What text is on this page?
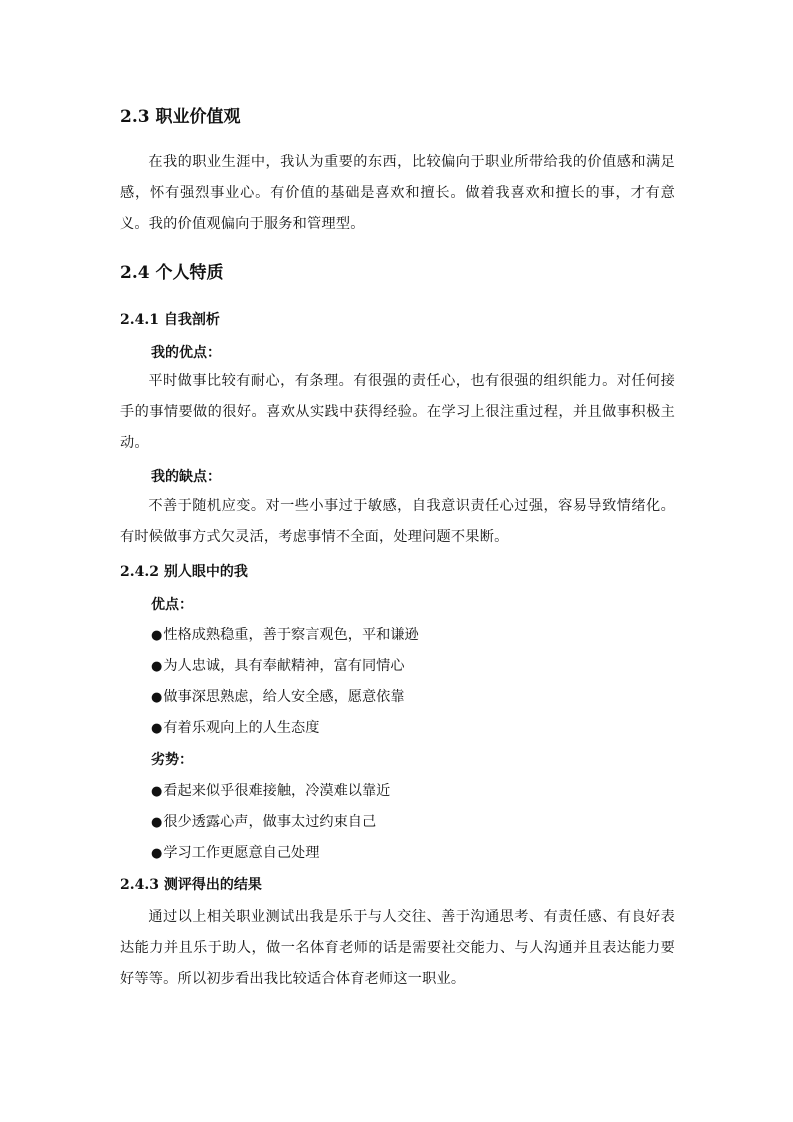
2.3 职业价值观

在我的职业生涯中，我认为重要的东西，比较偏向于职业所带给我的价值感和满足感，怀有强烈事业心。有价值的基础是喜欢和擅长。做着我喜欢和擅长的事，才有意义。我的价值观偏向于服务和管理型。

2.4 个人特质
2.4.1 自我剖析
我的优点：

平时做事比较有耐心，有条理。有很强的责任心，也有很强的组织能力。对任何接手的事情要做的很好。喜欢从实践中获得经验。在学习上很注重过程，并且做事积极主动。

我的缺点：

不善于随机应变。对一些小事过于敏感，自我意识责任心过强，容易导致情绪化。有时候做事方式欠灵活，考虑事情不全面，处理问题不果断。

2.4.2 别人眼中的我
优点：
●性格成熟稳重，善于察言观色，平和谦逊
●为人忠诚，具有奉献精神，富有同情心
●做事深思熟虑，给人安全感，愿意依靠
●有着乐观向上的人生态度
劣势：
●看起来似乎很难接触，冷漠难以靠近
●很少透露心声，做事太过约束自己
●学习工作更愿意自己处理
2.4.3 测评得出的结果

通过以上相关职业测试出我是乐于与人交往、善于沟通思考、有责任感、有良好表达能力并且乐于助人，做一名体育老师的话是需要社交能力、与人沟通并且表达能力要好等等。所以初步看出我比较适合体育老师这一职业。
